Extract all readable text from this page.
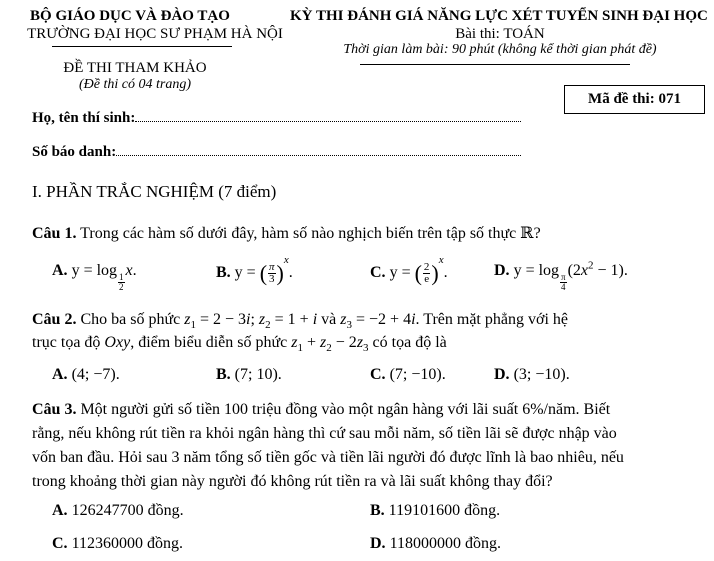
BỘ GIÁO DỤC VÀ ĐÀO TẠO
TRƯỜNG ĐẠI HỌC SƯ PHẠM HÀ NỘI
ĐỀ THI THAM KHẢO
(Đề thi có 04 trang)
KỲ THI ĐÁNH GIÁ NĂNG LỰC XÉT TUYỂN SINH ĐẠI HỌC
Bài thi: TOÁN
Thời gian làm bài: 90 phút (không kể thời gian phát đề)
Mã đề thi: 071
Họ, tên thí sinh:
Số báo danh:
I. PHẦN TRẮC NGHIỆM (7 điểm)
Câu 1. Trong các hàm số dưới đây, hàm số nào nghịch biến trên tập số thực ℝ?
A. y = log
$_{\frac{1}{2}}$
x.	B. y = ( $\frac{\pi}{3} )^x$.	C. y = ( $\frac{2}{e} )^x$.	D. y = log
$_{\frac{\pi}{4}}$
$(2x^2 - 1)$.
Câu 2. Cho ba số phức $z_1 = 2 - 3i$; $z_2 = 1 + i$ và $z_3 = -2 + 4i$. Trên mặt phẳng với hệ
trục tọa độ Oxy, điểm biểu diễn số phức $z_1 + z_2 - 2z_3$ có tọa độ là
A. (4; −7).	B. (7; 10).	C. (7; −10).	D. (3; −10).
Câu 3. Một người gửi số tiền 100 triệu đồng vào một ngân hàng với lãi suất 6%/năm. Biết
rằng, nếu không rút tiền ra khỏi ngân hàng thì cứ sau mỗi năm, số tiền lãi sẽ được nhập vào
vốn ban đầu. Hỏi sau 3 năm tổng số tiền gốc và tiền lãi người đó được lĩnh là bao nhiêu, nếu
trong khoảng thời gian này người đó không rút tiền ra và lãi suất không thay đổi?
A. 126247700 đồng.	B. 119101600 đồng.
C. 112360000 đồng.	D. 118000000 đồng.
